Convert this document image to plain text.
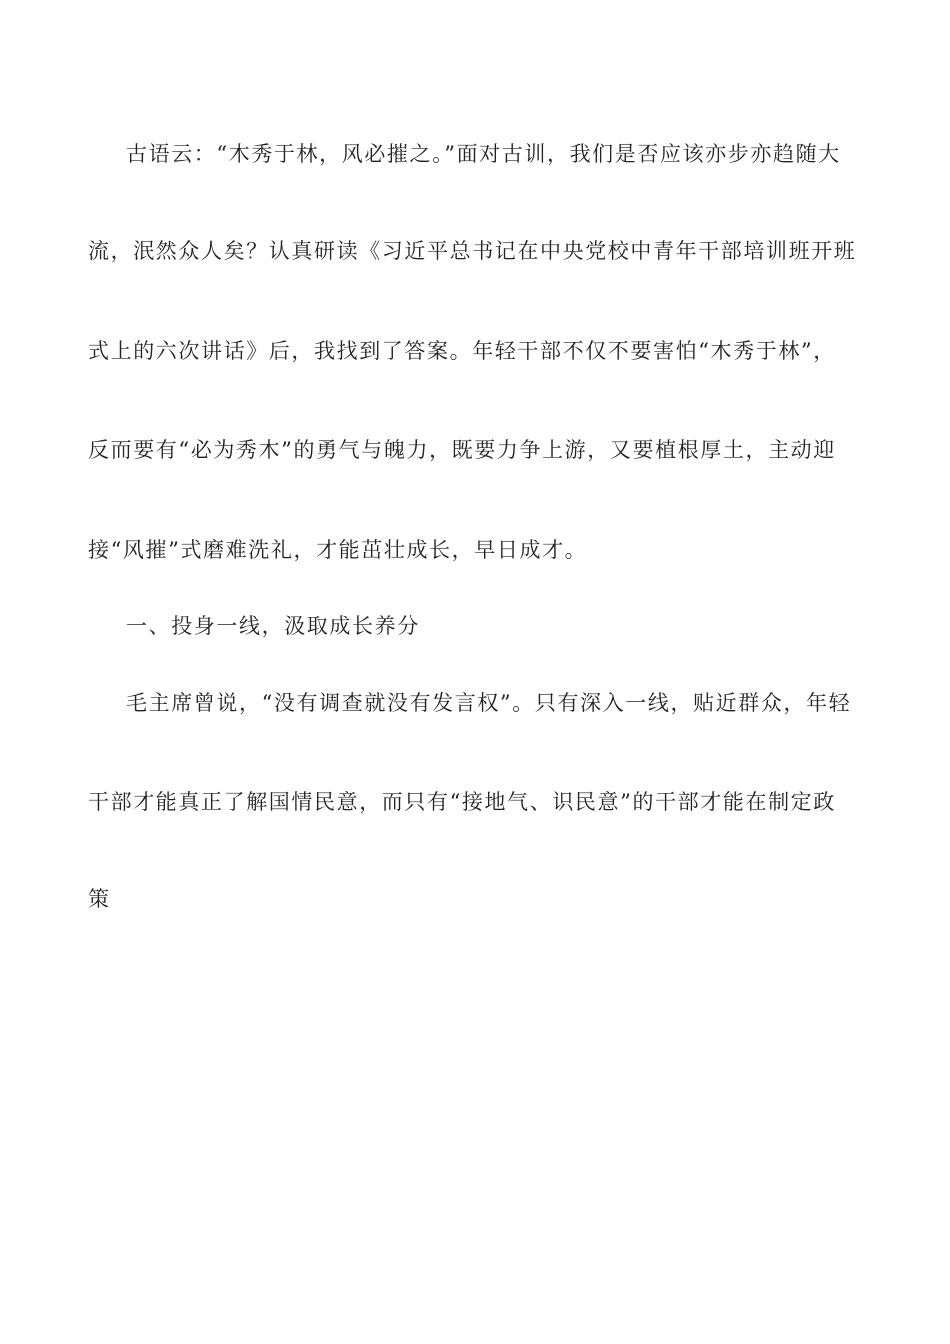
古语云：“木秀于林，风必摧之。”面对古训，我们是否应该亦步亦趋随大
流，泯然众人矣？认真研读《习近平总书记在中央党校中青年干部培训班开班
式上的六次讲话》后，我找到了答案。年轻干部不仅不要害怕“木秀于林”，
反而要有“必为秀木”的勇气与魄力，既要力争上游，又要植根厚土，主动迎
接“风摧”式磨难洗礼，才能茁壮成长，早日成才。
一、投身一线，汲取成长养分
毛主席曾说，“没有调查就没有发言权”。只有深入一线，贴近群众，年轻
干部才能真正了解国情民意，而只有“接地气、识民意”的干部才能在制定政
策
